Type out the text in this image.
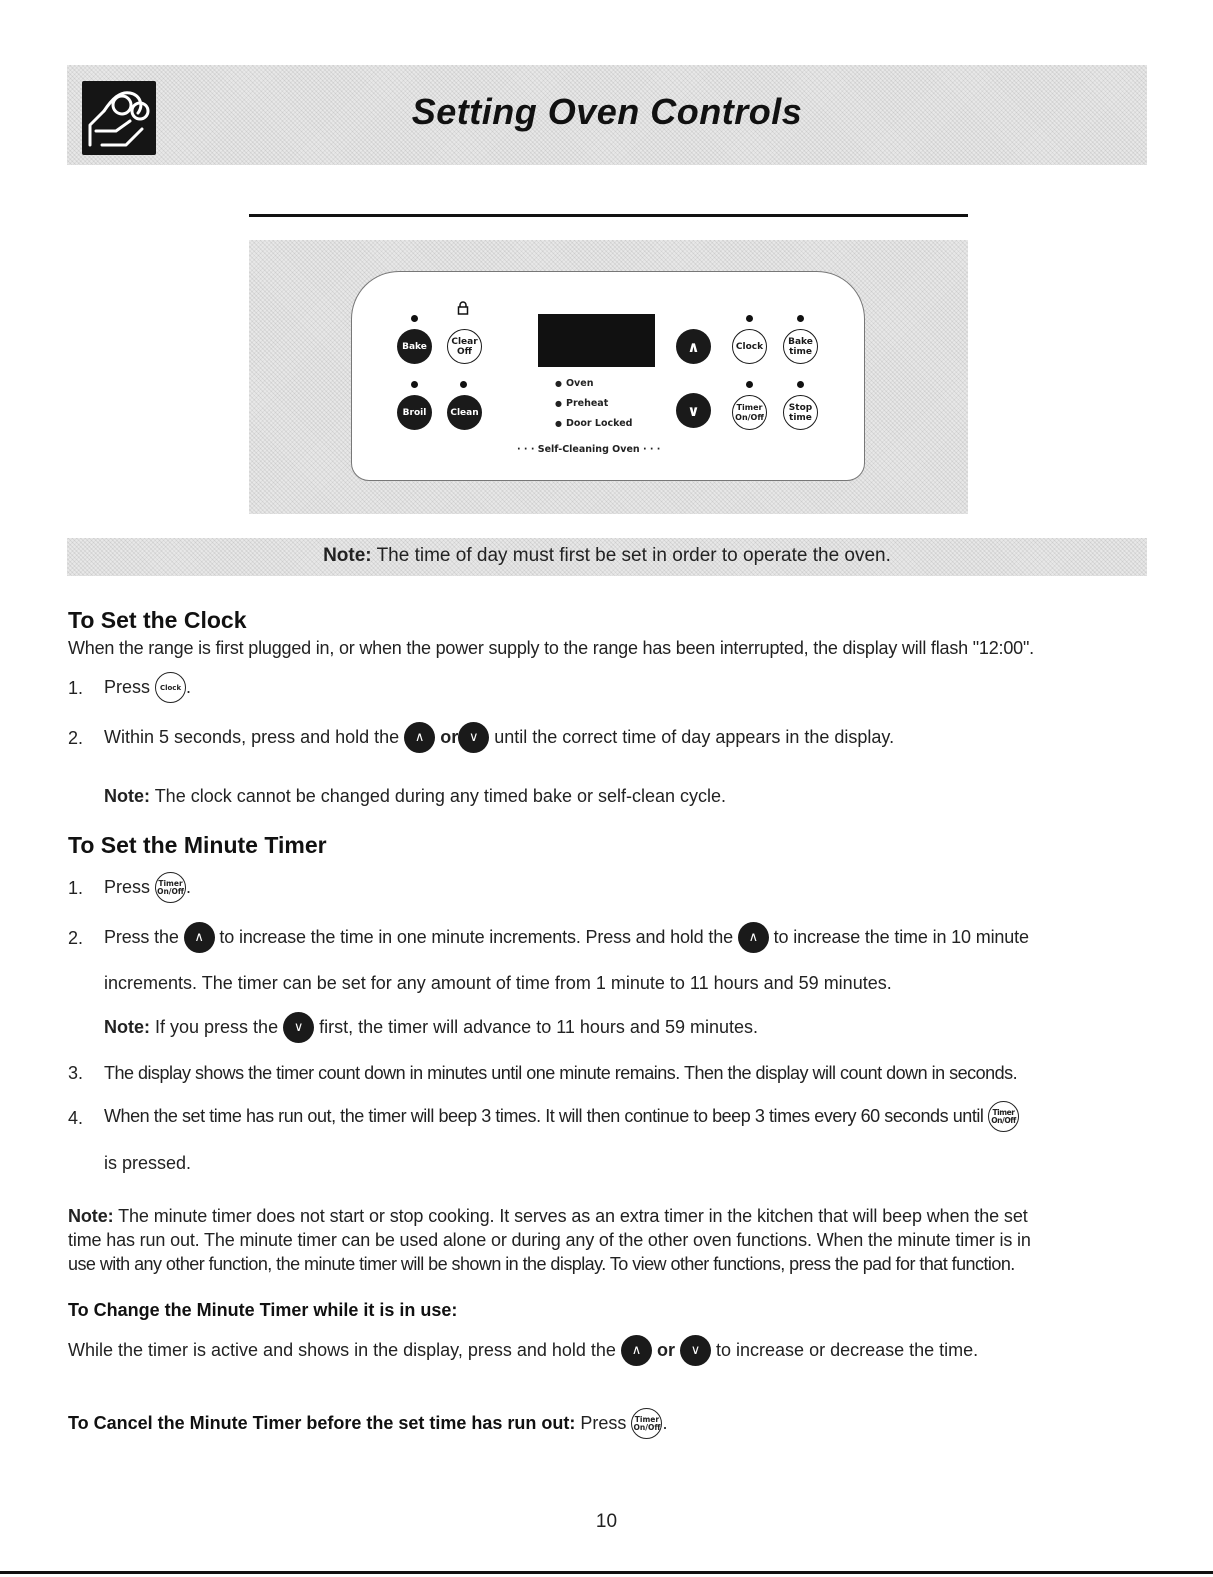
Setting Oven Controls
Bake	Clear
Off
Broil	Clean
∧
∨
Clock	Bake
time
Timer
On/Off
Stop
time
● Oven
● Preheat
● Door Locked
· · · Self-Cleaning Oven · · ·
Note: The time of day must first be set in order to operate the oven.
To Set the Clock
When the range is first plugged in, or when the power supply to the range has been interrupted, the display will flash "12:00".
1. Press Clock .
2. Within 5 seconds, press and hold the ∧ or ∨ until the correct time of day appears in the display.
Note: The clock cannot be changed during any timed bake or self-clean cycle.
To Set the Minute Timer
1. Press Timer
On/Off .
2. Press the ∧ to increase the time in one minute increments. Press and hold the ∧ to increase the time in 10 minute
increments. The timer can be set for any amount of time from 1 minute to 11 hours and 59 minutes.
Note: If you press the ∨ first, the timer will advance to 11 hours and 59 minutes.
3. The display shows the timer count down in minutes until one minute remains. Then the display will count down in seconds.
4. When the set time has run out, the timer will beep 3 times. It will then continue to beep 3 times every 60 seconds until Timer
On/Off
is pressed.
Note: The minute timer does not start or stop cooking. It serves as an extra timer in the kitchen that will beep when the set
time has run out. The minute timer can be used alone or during any of the other oven functions. When the minute timer is in
use with any other function, the minute timer will be shown in the display. To view other functions, press the pad for that function.
To Change the Minute Timer while it is in use:
While the timer is active and shows in the display, press and hold the ∧ or ∨ to increase or decrease the time.
To Cancel the Minute Timer before the set time has run out: Press Timer
On/Off .
10
